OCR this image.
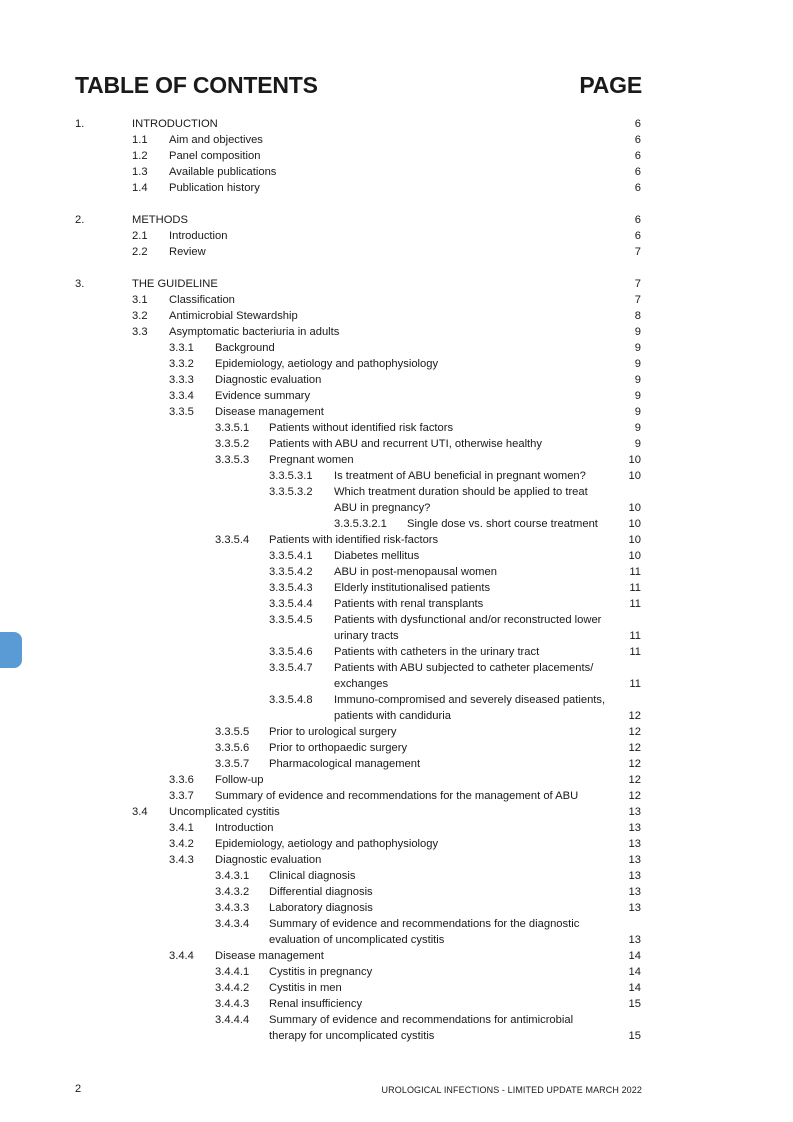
TABLE OF CONTENTS	PAGE
1.	INTRODUCTION	6
1.1 Aim and objectives	6
1.2 Panel composition	6
1.3 Available publications	6
1.4 Publication history	6
2.	METHODS	6
2.1 Introduction	6
2.2 Review	7
3.	THE GUIDELINE	7
3.1 Classification	7
3.2 Antimicrobial Stewardship	8
3.3 Asymptomatic bacteriuria in adults	9
3.3.1 Background	9
3.3.2 Epidemiology, aetiology and pathophysiology	9
3.3.3 Diagnostic evaluation	9
3.3.4 Evidence summary	9
3.3.5 Disease management	9
3.3.5.1 Patients without identified risk factors	9
3.3.5.2 Patients with ABU and recurrent UTI, otherwise healthy	9
3.3.5.3 Pregnant women	10
3.3.5.3.1 Is treatment of ABU beneficial in pregnant women?	10
3.3.5.3.2 Which treatment duration should be applied to treat
ABU in pregnancy?	10
3.3.5.3.2.1 Single dose vs. short course treatment	10
3.3.5.4 Patients with identified risk-factors	10
3.3.5.4.1 Diabetes mellitus	10
3.3.5.4.2 ABU in post-menopausal women	11
3.3.5.4.3 Elderly institutionalised patients	11
3.3.5.4.4 Patients with renal transplants	11
3.3.5.4.5 Patients with dysfunctional and/or reconstructed lower
urinary tracts	11
3.3.5.4.6 Patients with catheters in the urinary tract	11
3.3.5.4.7 Patients with ABU subjected to catheter placements/
exchanges	11
3.3.5.4.8 Immuno-compromised and severely diseased patients,
patients with candiduria	12
3.3.5.5 Prior to urological surgery	12
3.3.5.6 Prior to orthopaedic surgery	12
3.3.5.7 Pharmacological management	12
3.3.6 Follow-up	12
3.3.7 Summary of evidence and recommendations for the management of ABU	12
3.4 Uncomplicated cystitis	13
3.4.1 Introduction	13
3.4.2 Epidemiology, aetiology and pathophysiology	13
3.4.3 Diagnostic evaluation	13
3.4.3.1 Clinical diagnosis	13
3.4.3.2 Differential diagnosis	13
3.4.3.3 Laboratory diagnosis	13
3.4.3.4 Summary of evidence and recommendations for the diagnostic
evaluation of uncomplicated cystitis	13
3.4.4 Disease management	14
3.4.4.1 Cystitis in pregnancy	14
3.4.4.2 Cystitis in men	14
3.4.4.3 Renal insufficiency	15
3.4.4.4 Summary of evidence and recommendations for antimicrobial
therapy for uncomplicated cystitis	15
2	UROLOGICAL INFECTIONS - LIMITED UPDATE MARCH 2022
